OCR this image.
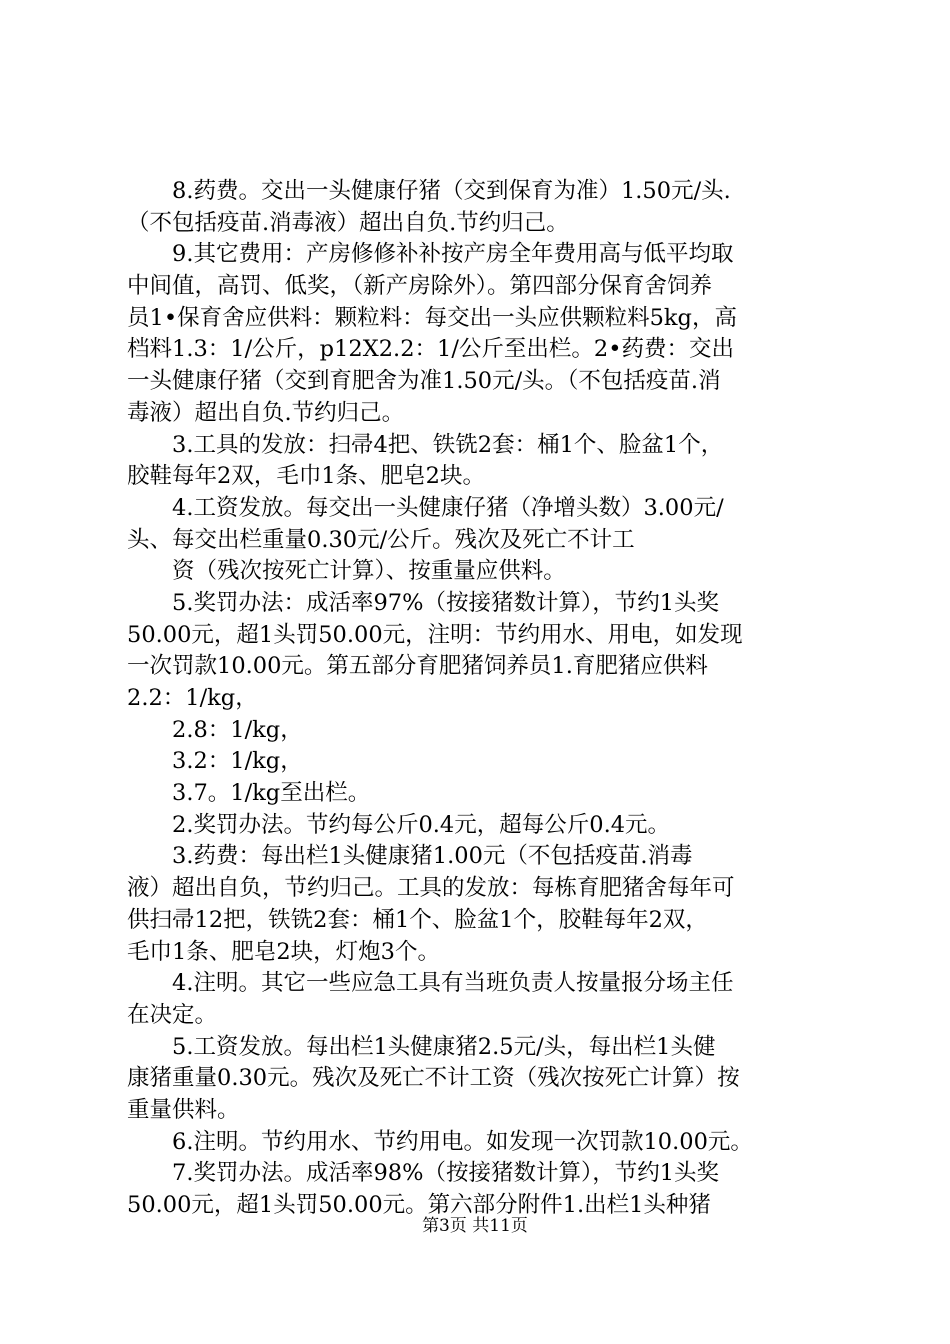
　　8.药费。交出一头健康仔猪（交到保育为准）1.50元/头.
（不包括疫苗.消毒液）超出自负.节约归己。
　　9.其它费用：产房修修补补按产房全年费用高与低平均取
中间值，高罚、低奖，（新产房除外）。第四部分保育舍饲养
员1•保育舍应供料：颗粒料：每交出一头应供颗粒料5kg，高
档料1.3：1/公斤，p12X2.2：1/公斤至出栏。2•药费：交出
一头健康仔猪（交到育肥舍为准1.50元/头。（不包括疫苗.消
毒液）超出自负.节约归己。
　　3.工具的发放：扫帚4把、铁铣2套：桶1个、脸盆1个，
胶鞋每年2双，毛巾1条、肥皂2块。
　　4.工资发放。每交出一头健康仔猪（净增头数）3.00元/
头、每交出栏重量0.30元/公斤。残次及死亡不计工
　　资（残次按死亡计算）、按重量应供料。
　　5.奖罚办法：成活率97%（按接猪数计算），节约1头奖
50.00元，超1头罚50.00元，注明：节约用水、用电，如发现
一次罚款10.00元。第五部分育肥猪饲养员1.育肥猪应供料
2.2：1/kg，
　　2.8：1/kg，
　　3.2：1/kg，
　　3.7。1/kg至出栏。
　　2.奖罚办法。节约每公斤0.4元，超每公斤0.4元。
　　3.药费：每出栏1头健康猪1.00元（不包括疫苗.消毒
液）超出自负，节约归己。工具的发放：每栋育肥猪舍每年可
供扫帚12把，铁铣2套：桶1个、脸盆1个，胶鞋每年2双，
毛巾1条、肥皂2块，灯炮3个。
　　4.注明。其它一些应急工具有当班负责人按量报分场主任
在决定。
　　5.工资发放。每出栏1头健康猪2.5元/头，每出栏1头健
康猪重量0.30元。残次及死亡不计工资（残次按死亡计算）按
重量供料。
　　6.注明。节约用水、节约用电。如发现一次罚款10.00元。
　　7.奖罚办法。成活率98%（按接猪数计算），节约1头奖
50.00元，超1头罚50.00元。第六部分附件1.出栏1头种猪
第3页 共11页
